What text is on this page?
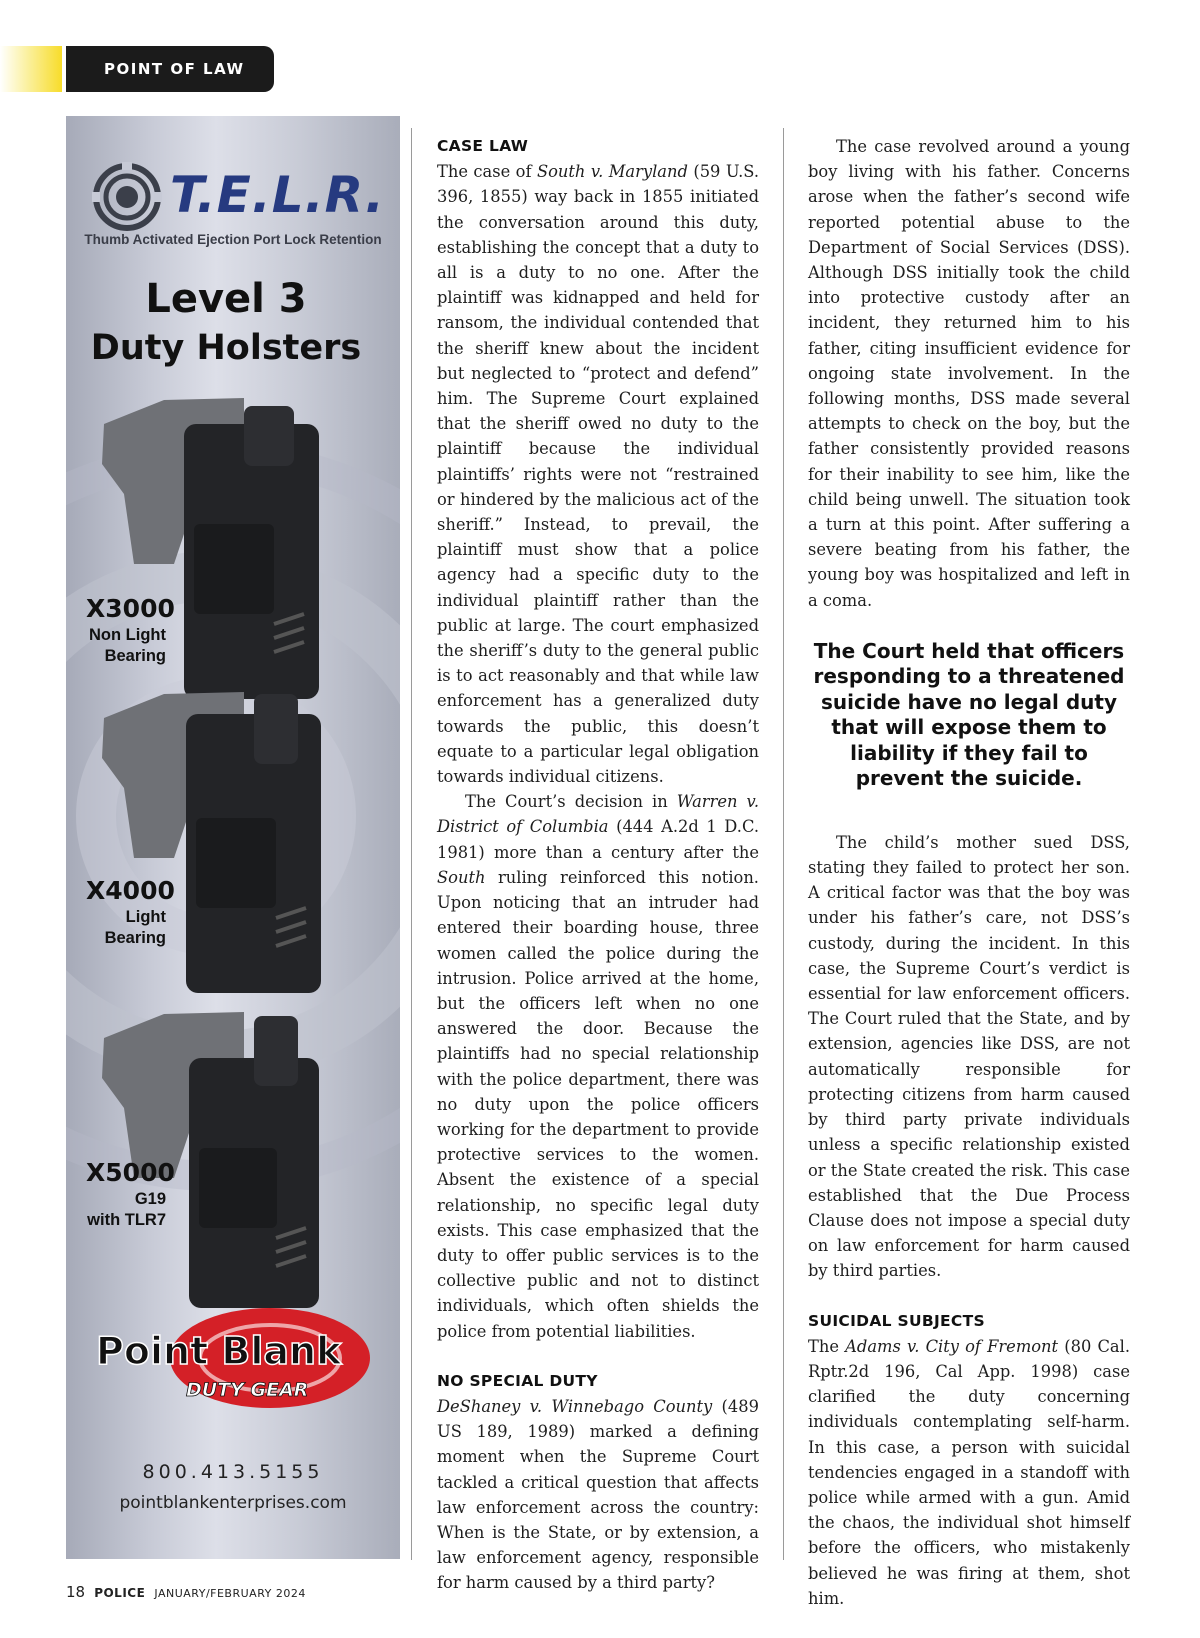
POINT OF LAW
T.E.L.R.
Thumb Activated Ejection Port Lock Retention
Level 3
Duty Holsters
X3000
Non Light
Bearing
X4000
Light
Bearing
X5000
G19
with TLR7
Point Blank
DUTY GEAR
800.413.5155
pointblankenterprises.com
CASE LAW

The case of South v. Maryland (59 U.S. 396, 1855) way back in 1855 initiated the conversation around this duty, establishing the concept that a duty to all is a duty to no one. After the plaintiff was kidnapped and held for ransom, the individual contended that the sheriff knew about the incident but neglected to “protect and defend” him. The Supreme Court explained that the sheriff owed no duty to the plaintiff because the individual plaintiffs’ rights were not “restrained or hindered by the malicious act of the sheriff.” Instead, to prevail, the plaintiff must show that a police agency had a specific duty to the individual plaintiff rather than the public at large. The court emphasized the sheriff’s duty to the general public is to act reasonably and that while law enforcement has a generalized duty towards the public, this doesn’t equate to a particular legal obligation towards individual citizens.

The Court’s decision in Warren v. District of Columbia (444 A.2d 1 D.C. 1981) more than a century after the South ruling reinforced this notion. Upon noticing that an intruder had entered their boarding house, three women called the police during the intrusion. Police arrived at the home, but the officers left when no one answered the door. Because the plaintiffs had no special relationship with the police department, there was no duty upon the police officers working for the department to provide protective services to the women. Absent the existence of a special relationship, no specific legal duty exists. This case emphasized that the duty to offer public services is to the collective public and not to distinct individuals, which often shields the police from potential liabilities.

NO SPECIAL DUTY

DeShaney v. Winnebago County (489 US 189, 1989) marked a defining moment when the Supreme Court tackled a critical question that affects law enforcement across the country: When is the State, or by extension, a law enforcement agency, responsible for harm caused by a third party?

The case revolved around a young boy living with his father. Concerns arose when the father’s second wife reported potential abuse to the Department of Social Services (DSS). Although DSS initially took the child into protective custody after an incident, they returned him to his father, citing insufficient evidence for ongoing state involvement. In the following months, DSS made several attempts to check on the boy, but the father consistently provided reasons for their inability to see him, like the child being unwell. The situation took a turn at this point. After suffering a severe beating from his father, the young boy was hospitalized and left in a coma.

The Court held that officers responding to a threatened suicide have no legal duty that will expose them to liability if they fail to prevent the suicide.

The child’s mother sued DSS, stating they failed to protect her son. A critical factor was that the boy was under his father’s care, not DSS’s custody, during the incident. In this case, the Supreme Court’s verdict is essential for law enforcement officers. The Court ruled that the State, and by extension, agencies like DSS, are not automatically responsible for protecting citizens from harm caused by third party private individuals unless a specific relationship existed or the State created the risk. This case established that the Due Process Clause does not impose a special duty on law enforcement for harm caused by third parties.

SUICIDAL SUBJECTS

The Adams v. City of Fremont (80 Cal. Rptr.2d 196, Cal App. 1998) case clarified the duty concerning individuals contemplating self-harm. In this case, a person with suicidal tendencies engaged in a standoff with police while armed with a gun. Amid the chaos, the individual shot himself before the officers, who mistakenly believed he was firing at them, shot him.

18 POLICE JANUARY/FEBRUARY 2024
